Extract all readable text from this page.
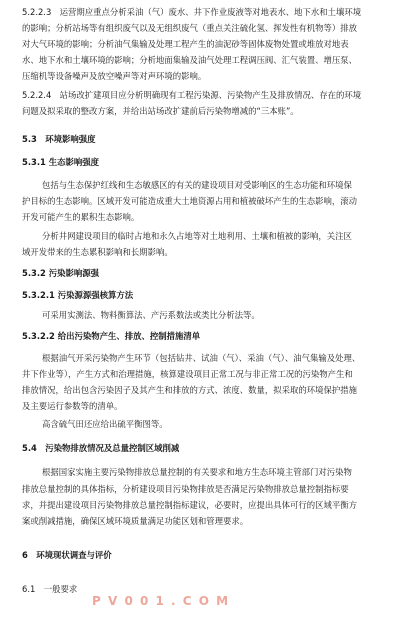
5.2.2.3　运营期应重点分析采油（气）废水、井下作业废液等对地表水、地下水和土壤环境
的影响；分析站场等有组织废气以及无组织废气（重点关注硫化氢、挥发性有机物等）排放
对大气环境的影响；分析油气集输及处理工程产生的油泥砂等固体废物处置或堆放对地表
水、地下水和土壤环境的影响；分析地面集输及油气处理工程调压阀、汇气装置、增压泵、
压缩机等设备噪声及放空噪声等对声环境的影响。
5.2.2.4　站场改扩建项目应分析明确现有工程污染源、污染物产生及排放情况、存在的环境
问题及拟采取的整改方案，并给出站场改扩建前后污染物增减的“三本账”。
5.3　环境影响强度
5.3.1 生态影响强度
包括与生态保护红线和生态敏感区的有关的建设项目对受影响区的生态功能和环境保
护目标的生态影响。区域开发可能造成重大土地资源占用和植被破坏产生的生态影响，滚动
开发可能产生的累积生态影响。
分析井网建设项目的临时占地和永久占地等对土地利用、土壤和植被的影响，关注区
域开发带来的生态累积影响和长期影响。
5.3.2 污染影响源强
5.3.2.1 污染源源强核算方法
可采用实测法、物料衡算法、产污系数法或类比分析法等。
5.3.2.2 给出污染物产生、排放、控制措施清单
根据油气开采污染物产生环节（包括钻井、试油（气）、采油（气）、油气集输及处理、
井下作业等），产生方式和治理措施，核算建设项目正常工况与非正常工况的污染物产生和
排放情况，给出包含污染因子及其产生和排放的方式、浓度、数量，拟采取的环境保护措施
及主要运行参数等的清单。
高含硫气田还应给出硫平衡图等。
5.4　污染物排放情况及总量控制区域削减
根据国家实施主要污染物排放总量控制的有关要求和地方生态环境主管部门对污染物
排放总量控制的具体指标，分析建设项目污染物排放是否满足污染物排放总量控制指标要
求，并提出建设项目污染物排放总量控制指标建议，必要时，应提出具体可行的区域平衡方
案或削减措施，确保区域环境质量满足功能区划和管理要求。
6　环境现状调查与评价
6.1　一般要求
P V 0 0 1 . C O M
